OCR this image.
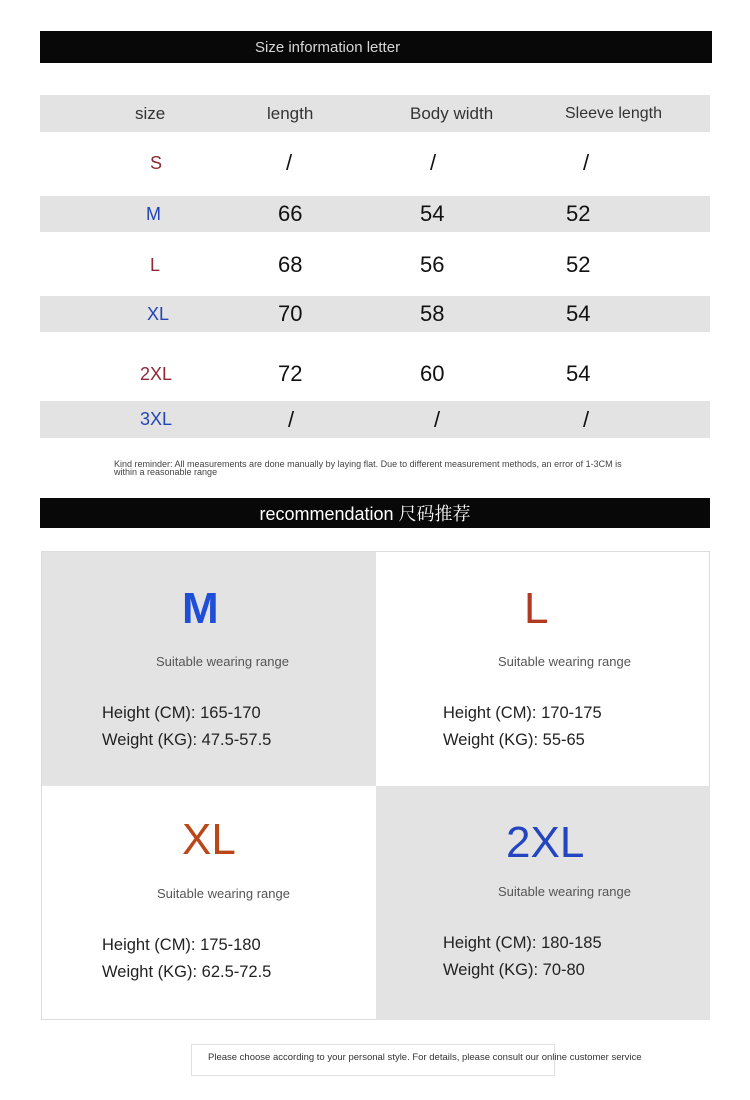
Size information letter
size	length	Body width	Sleeve length
S	/	/	/
M	66	54	52
L	68	56	52
XL	70	58	54
2XL	72	60	54
3XL	/	/	/
Kind reminder: All measurements are done manually by laying flat. Due to different measurement methods, an error of 1-3CM is
within a reasonable range
recommendation 尺码推荐
M
Suitable wearing range
Height (CM): 165-170
Weight (KG): 47.5-57.5
L
Suitable wearing range
Height (CM): 170-175
Weight (KG): 55-65
XL
Suitable wearing range
Height (CM): 175-180
Weight (KG): 62.5-72.5
2XL
Suitable wearing range
Height (CM): 180-185
Weight (KG): 70-80
Please choose according to your personal style. For details, please consult our online customer service
